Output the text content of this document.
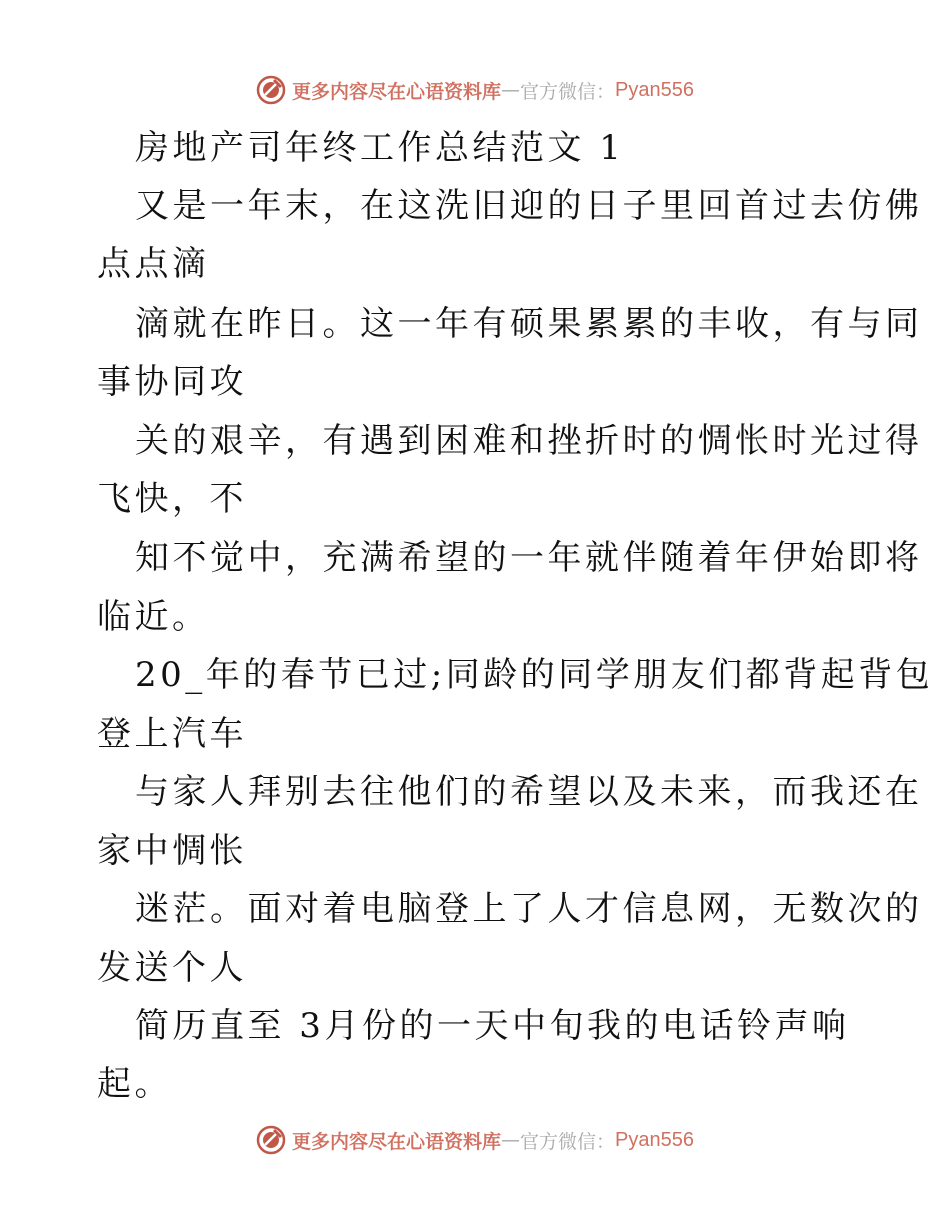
更多内容尽在心语资料库 — 官方微信： Pyan556
房地产司年终工作总结范文 1
又是一年末，在这洗旧迎的日子里回首过去仿佛
点点滴
滴就在昨日。这一年有硕果累累的丰收，有与同
事协同攻
关的艰辛，有遇到困难和挫折时的惆怅时光过得
飞快，不
知不觉中，充满希望的一年就伴随着年伊始即将
临近。
20_年的春节已过;同龄的同学朋友们都背起背包
登上汽车
与家人拜别去往他们的希望以及未来，而我还在
家中惆怅
迷茫。面对着电脑登上了人才信息网，无数次的
发送个人
简历直至 3月份的一天中旬我的电话铃声响
起。
更多内容尽在心语资料库 — 官方微信： Pyan556
